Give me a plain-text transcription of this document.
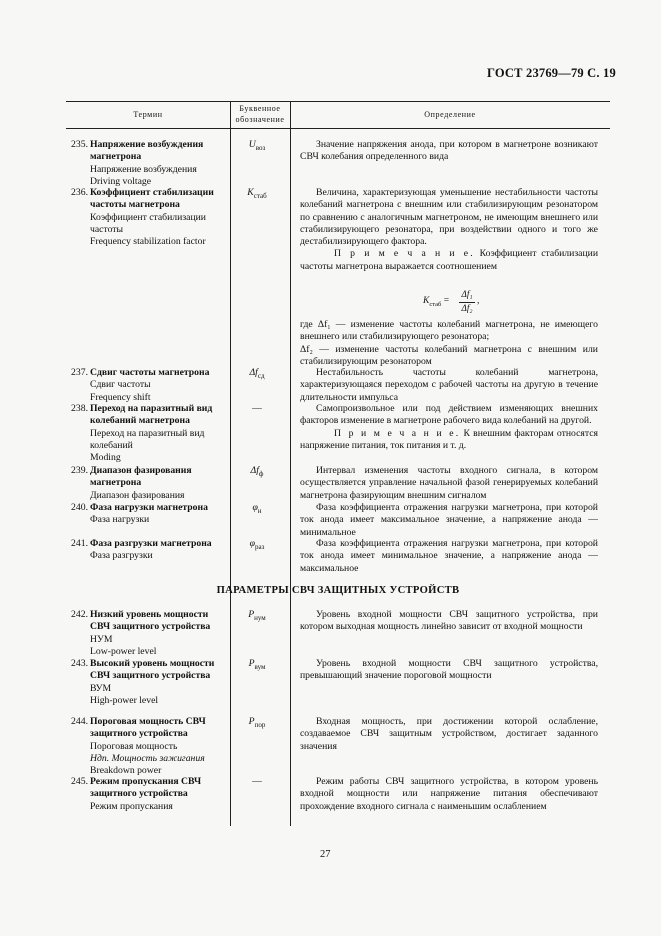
ГОСТ 23769—79 С. 19
Термин
Буквенное обозначение
Определение
235. Напряжение возбуждения магнетрона
Напряжение возбуждения
Driving voltage
$U_{воз}$	Значение напряжения анода, при котором в магнетроне возникают СВЧ колебания определенного вида

236. Коэффициент стабилизации частоты магнетрона
Коэффициент стабилизации частоты
Frequency stabilization factor
$K_{стаб}$	Величина, характеризующая уменьшение нестабильности частоты колебаний магнетрона с внешним или стабилизирующим резонатором по сравнению с аналогичным магнетроном, не имеющим внешнего или стабилизирующего резонатора, при воздействии одного и того же дестабилизирующего фактора.

П р и м е ч а н и е. Коэффициент стабилизации частоты магнетрона выражается соотношением

$K_{стаб}$ =
Δf₁
Δf₂
,

где Δf₁ — изменение частоты колебаний магнетрона, не имеющего внешнего или стабилизирующего резонатора;

Δf₂ — изменение частоты колебаний магнетрона с внешним или стабилизирующим резонатором

237. Сдвиг частоты магнетрона
Сдвиг частоты
Frequency shift
$\Delta f_{сд}$	Нестабильность частоты колебаний магнетрона, характеризующаяся переходом с рабочей частоты на другую в течение длительности импульса

238. Переход на паразитный вид колебаний магнетрона
Переход на паразитный вид колебаний
Moding
—	Самопроизвольное или под действием изменяющих внешних факторов изменение в магнетроне рабочего вида колебаний на другой.

П р и м е ч а н и е. К внешним факторам относятся напряжение питания, ток питания и т. д.

239. Диапазон фазирования магнетрона
Диапазон фазирования
$\Delta f_ф$	Интервал изменения частоты входного сигнала, в котором осуществляется управление начальной фазой генерируемых колебаний магнетрона фазирующим внешним сигналом

240. Фаза нагрузки магнетрона
Фаза нагрузки
$\varphi_н$	Фаза коэффициента отражения нагрузки магнетрона, при которой ток анода имеет максимальное значение, а напряжение анода — минимальное

241. Фаза разгрузки магнетрона
Фаза разгрузки
$\varphi_{раз}$	Фаза коэффициента отражения нагрузки магнетрона, при которой ток анода имеет минимальное значение, а напряжение анода — максимальное

ПАРАМЕТРЫ СВЧ ЗАЩИТНЫХ УСТРОЙСТВ
242. Низкий уровень мощности СВЧ защитного устройства
НУМ
Low-power level
$P_{нум}$	Уровень входной мощности СВЧ защитного устройства, при котором выходная мощность линейно зависит от входной мощности

243. Высокий уровень мощности СВЧ защитного устройства
ВУМ
High-power level
$P_{вум}$	Уровень входной мощности СВЧ защитного устройства, превышающий значение пороговой мощности

244. Пороговая мощность СВЧ защитного устройства
Пороговая мощность
Ндп. Мощность зажигания
Breakdown power
$P_{пор}$	Входная мощность, при достижении которой ослабление, создаваемое СВЧ защитным устройством, достигает заданного значения

245. Режим пропускания СВЧ защитного устройства
Режим пропускания
—	Режим работы СВЧ защитного устройства, в котором уровень входной мощности или напряжение питания обеспечивают прохождение входного сигнала с наименьшим ослаблением

27
